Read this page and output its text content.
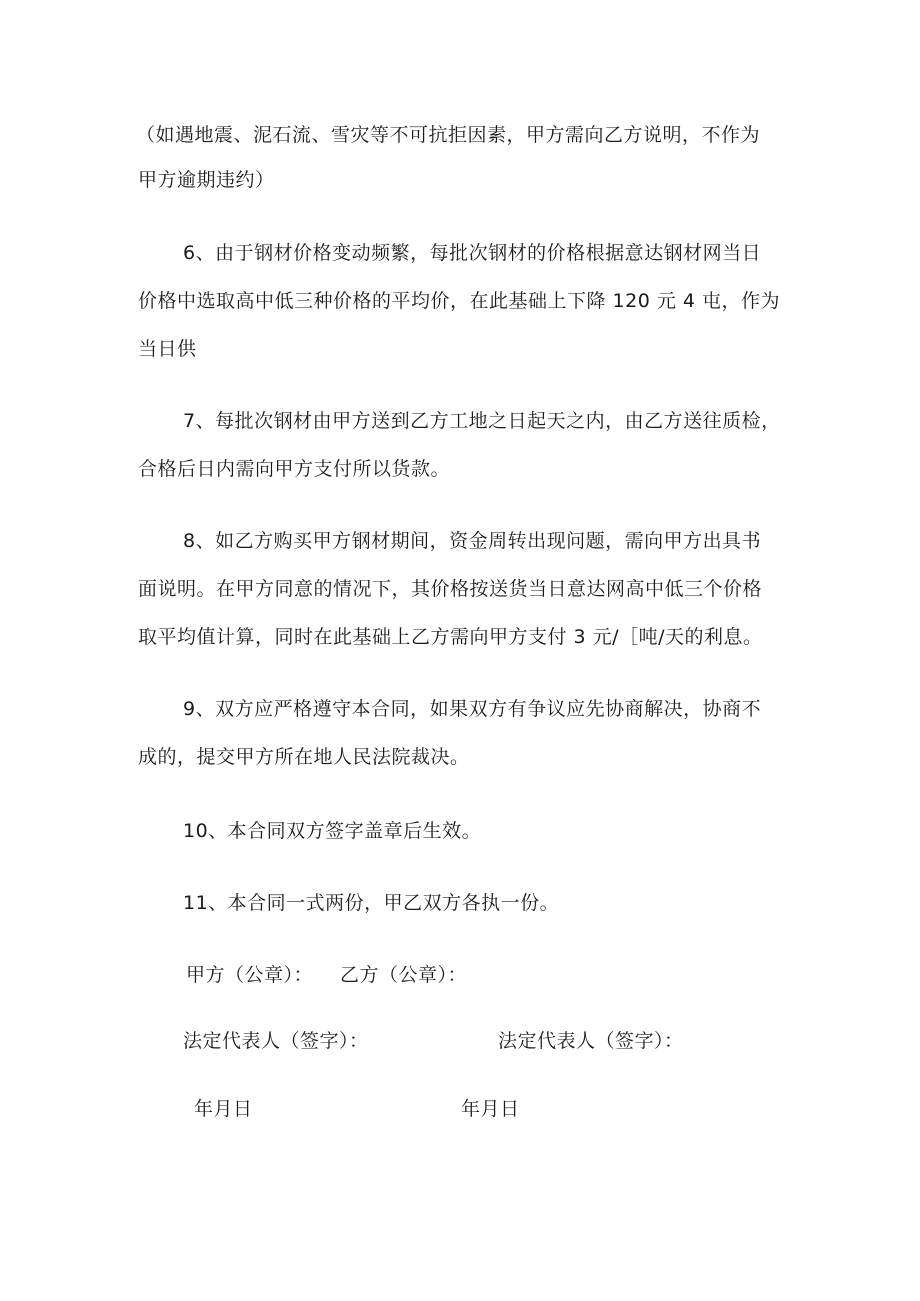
（如遇地震、泥石流、雪灾等不可抗拒因素，甲方需向乙方说明，不作为
甲方逾期违约）
6、由于钢材价格变动频繁，每批次钢材的价格根据意达钢材网当日
价格中选取高中低三种价格的平均价，在此基础上下降 120 元 4 屯，作为
当日供
7、每批次钢材由甲方送到乙方工地之日起天之内，由乙方送往质检，
合格后日内需向甲方支付所以货款。
8、如乙方购买甲方钢材期间，资金周转出现问题，需向甲方出具书
面说明。在甲方同意的情况下，其价格按送货当日意达网高中低三个价格
取平均值计算，同时在此基础上乙方需向甲方支付 3 元/［吨/天的利息。
9、双方应严格遵守本合同，如果双方有争议应先协商解决，协商不
成的，提交甲方所在地人民法院裁决。
10、本合同双方签字盖章后生效。
11、本合同一式两份，甲乙双方各执一份。
甲方（公章）： 乙方（公章）：
法定代表人（签字）：	法定代表人（签字）：
年月日	年月日
